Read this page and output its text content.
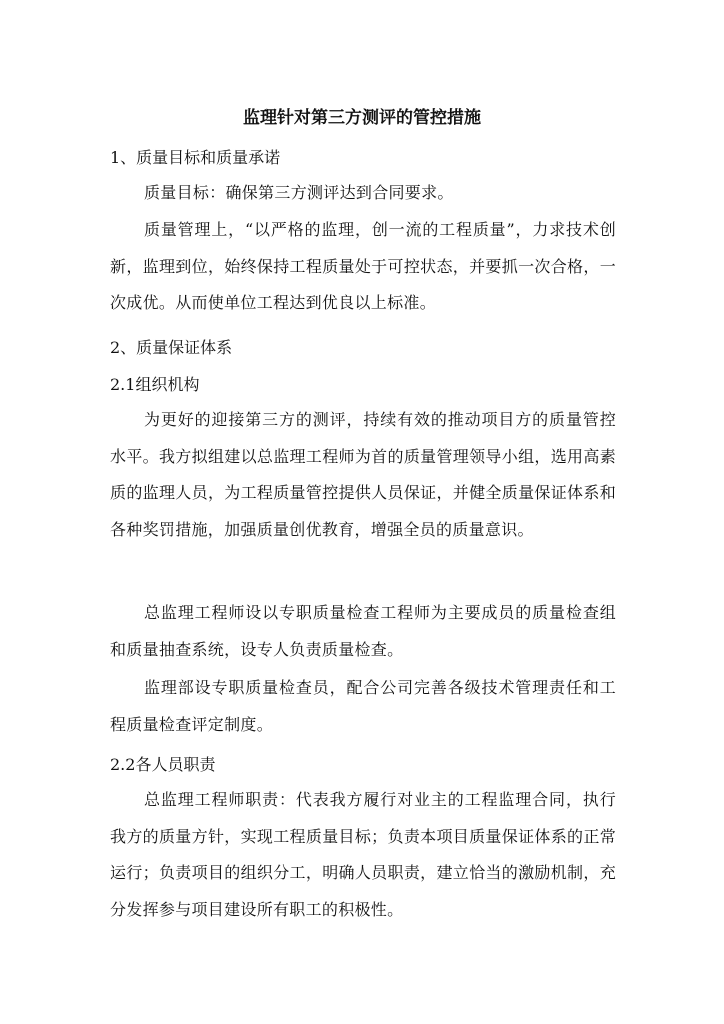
监理针对第三方测评的管控措施

1、质量目标和质量承诺

质量目标：确保第三方测评达到合同要求。

质量管理上，“以严格的监理，创一流的工程质量”，力求技术创新，监理到位，始终保持工程质量处于可控状态，并要抓一次合格，一次成优。从而使单位工程达到优良以上标准。

2、质量保证体系

2.1组织机构

为更好的迎接第三方的测评，持续有效的推动项目方的质量管控水平。我方拟组建以总监理工程师为首的质量管理领导小组，选用高素质的监理人员，为工程质量管控提供人员保证，并健全质量保证体系和各种奖罚措施，加强质量创优教育，增强全员的质量意识。

总监理工程师设以专职质量检查工程师为主要成员的质量检查组和质量抽查系统，设专人负责质量检查。

监理部设专职质量检查员，配合公司完善各级技术管理责任和工程质量检查评定制度。

2.2各人员职责

总监理工程师职责：代表我方履行对业主的工程监理合同，执行我方的质量方针，实现工程质量目标；负责本项目质量保证体系的正常运行；负责项目的组织分工，明确人员职责，建立恰当的激励机制，充分发挥参与项目建设所有职工的积极性。
